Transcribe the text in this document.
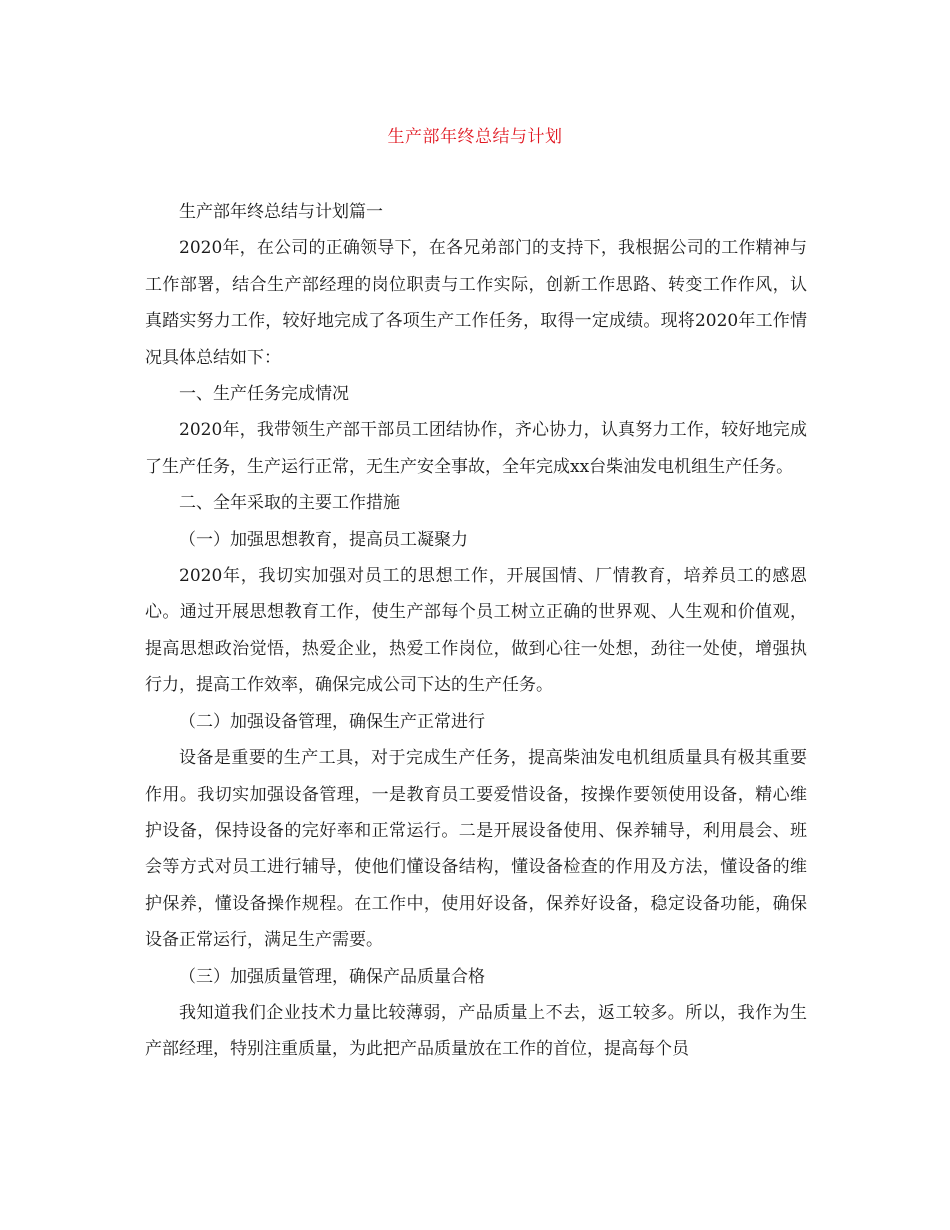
生产部年终总结与计划

生产部年终总结与计划篇一

2020年，在公司的正确领导下，在各兄弟部门的支持下，我根据公司的工作精神与工作部署，结合生产部经理的岗位职责与工作实际，创新工作思路、转变工作作风，认真踏实努力工作，较好地完成了各项生产工作任务，取得一定成绩。现将2020年工作情况具体总结如下：

一、生产任务完成情况

2020年，我带领生产部干部员工团结协作，齐心协力，认真努力工作，较好地完成了生产任务，生产运行正常，无生产安全事故，全年完成xx台柴油发电机组生产任务。

二、全年采取的主要工作措施

（一）加强思想教育，提高员工凝聚力

2020年，我切实加强对员工的思想工作，开展国情、厂情教育，培养员工的感恩心。通过开展思想教育工作，使生产部每个员工树立正确的世界观、人生观和价值观，提高思想政治觉悟，热爱企业，热爱工作岗位，做到心往一处想，劲往一处使，增强执行力，提高工作效率，确保完成公司下达的生产任务。

（二）加强设备管理，确保生产正常进行

设备是重要的生产工具，对于完成生产任务，提高柴油发电机组质量具有极其重要作用。我切实加强设备管理，一是教育员工要爱惜设备，按操作要领使用设备，精心维护设备，保持设备的完好率和正常运行。二是开展设备使用、保养辅导，利用晨会、班会等方式对员工进行辅导，使他们懂设备结构，懂设备检查的作用及方法，懂设备的维护保养，懂设备操作规程。在工作中，使用好设备，保养好设备，稳定设备功能，确保设备正常运行，满足生产需要。

（三）加强质量管理，确保产品质量合格

我知道我们企业技术力量比较薄弱，产品质量上不去，返工较多。所以，我作为生产部经理，特别注重质量，为此把产品质量放在工作的首位，提高每个员
